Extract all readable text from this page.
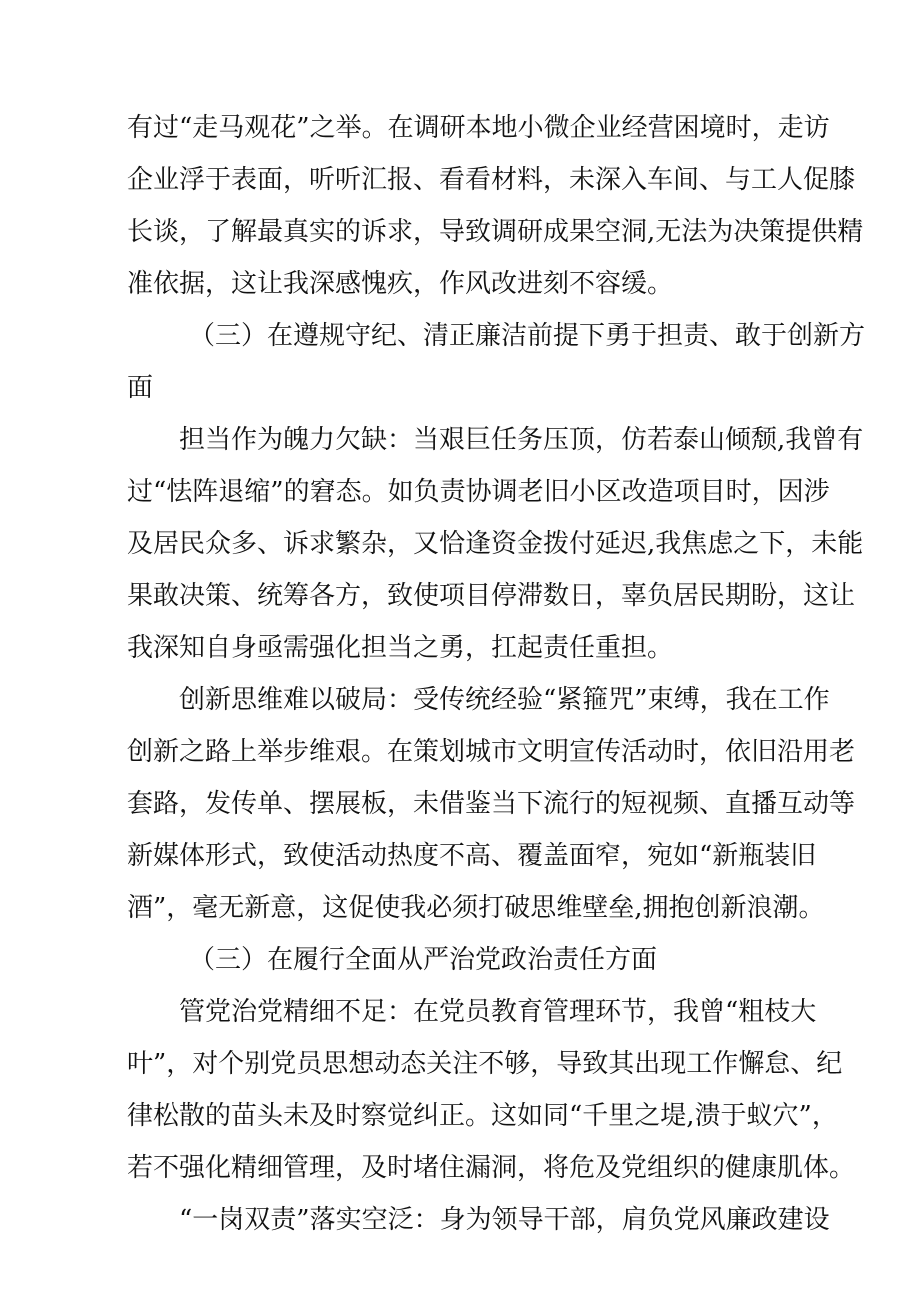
有过“走马观花”之举。在调研本地小微企业经营困境时，走访
企业浮于表面，听听汇报、看看材料，未深入车间、与工人促膝
长谈，了解最真实的诉求，导致调研成果空洞,无法为决策提供精
准依据，这让我深感愧疚，作风改进刻不容缓。
（三）在遵规守纪、清正廉洁前提下勇于担责、敢于创新方
面
担当作为魄力欠缺：当艰巨任务压顶，仿若泰山倾颓,我曾有
过“怯阵退缩”的窘态。如负责协调老旧小区改造项目时，因涉
及居民众多、诉求繁杂，又恰逢资金拨付延迟,我焦虑之下，未能
果敢决策、统筹各方，致使项目停滞数日，辜负居民期盼，这让
我深知自身亟需强化担当之勇，扛起责任重担。
创新思维难以破局：受传统经验“紧箍咒”束缚，我在工作
创新之路上举步维艰。在策划城市文明宣传活动时，依旧沿用老
套路，发传单、摆展板，未借鉴当下流行的短视频、直播互动等
新媒体形式，致使活动热度不高、覆盖面窄，宛如“新瓶装旧
酒”，毫无新意，这促使我必须打破思维壁垒,拥抱创新浪潮。
（三）在履行全面从严治党政治责任方面
管党治党精细不足：在党员教育管理环节，我曾“粗枝大
叶”，对个别党员思想动态关注不够，导致其出现工作懈怠、纪
律松散的苗头未及时察觉纠正。这如同“千里之堤,溃于蚁穴”，
若不强化精细管理，及时堵住漏洞，将危及党组织的健康肌体。
“一岗双责”落实空泛：身为领导干部，肩负党风廉政建设
